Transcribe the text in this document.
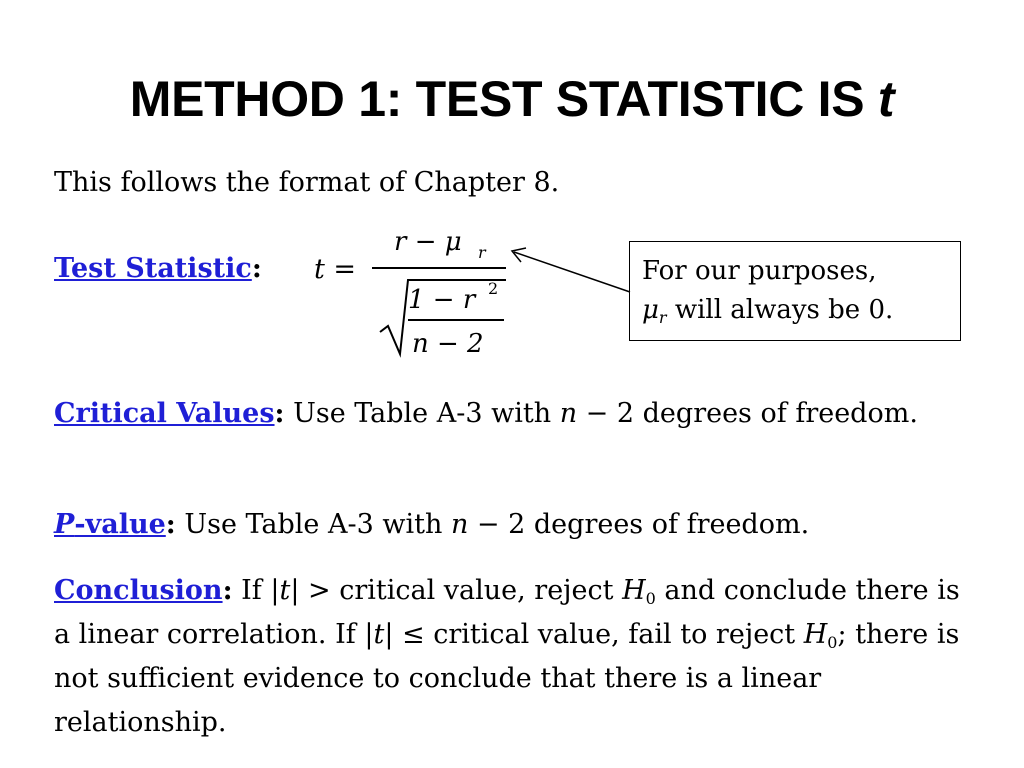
METHOD 1: TEST STATISTIC IS t
This follows the format of Chapter 8.
Test Statistic: t =
r − μ r
1 − r 2
n − 2
For our purposes,
$\mu_r$ will always be 0.
Critical Values: Use Table A-3 with n − 2 degrees of freedom.
P-value: Use Table A-3 with n − 2 degrees of freedom.
Conclusion: If |t| > critical value, reject $H_0$ and conclude there is a linear correlation. If |t| ≤ critical value, fail to reject $H_0$; there is not sufficient evidence to conclude that there is a linear relationship.
